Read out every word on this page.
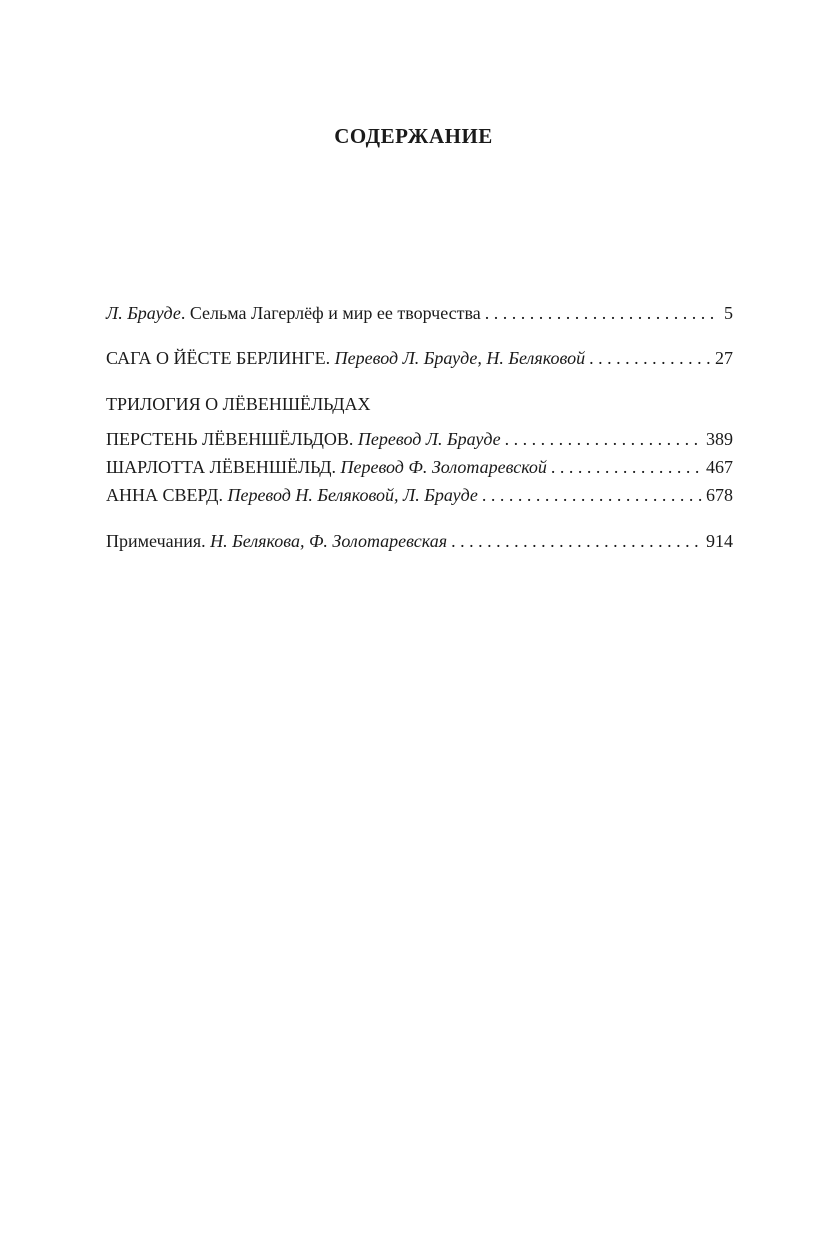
СОДЕРЖАНИЕ
Л. Брауде. Сельма Лагерлёф и мир ее творчества . . .	5
САГА О ЙЁСТЕ БЕРЛИНГЕ. Перевод Л. Брауде, Н. Беляковой . . .	27
ТРИЛОГИЯ О ЛЁВЕНШЁЛЬДАХ
ПЕРСТЕНЬ ЛЁВЕНШЁЛЬДОВ. Перевод Л. Брауде . . .	389
ШАРЛОТТА ЛЁВЕНШЁЛЬД. Перевод Ф. Золотаревской . . .	467
АННА СВЕРД. Перевод Н. Беляковой, Л. Брауде . . .	678
Примечания. Н. Белякова, Ф. Золотаревская . . .	914
